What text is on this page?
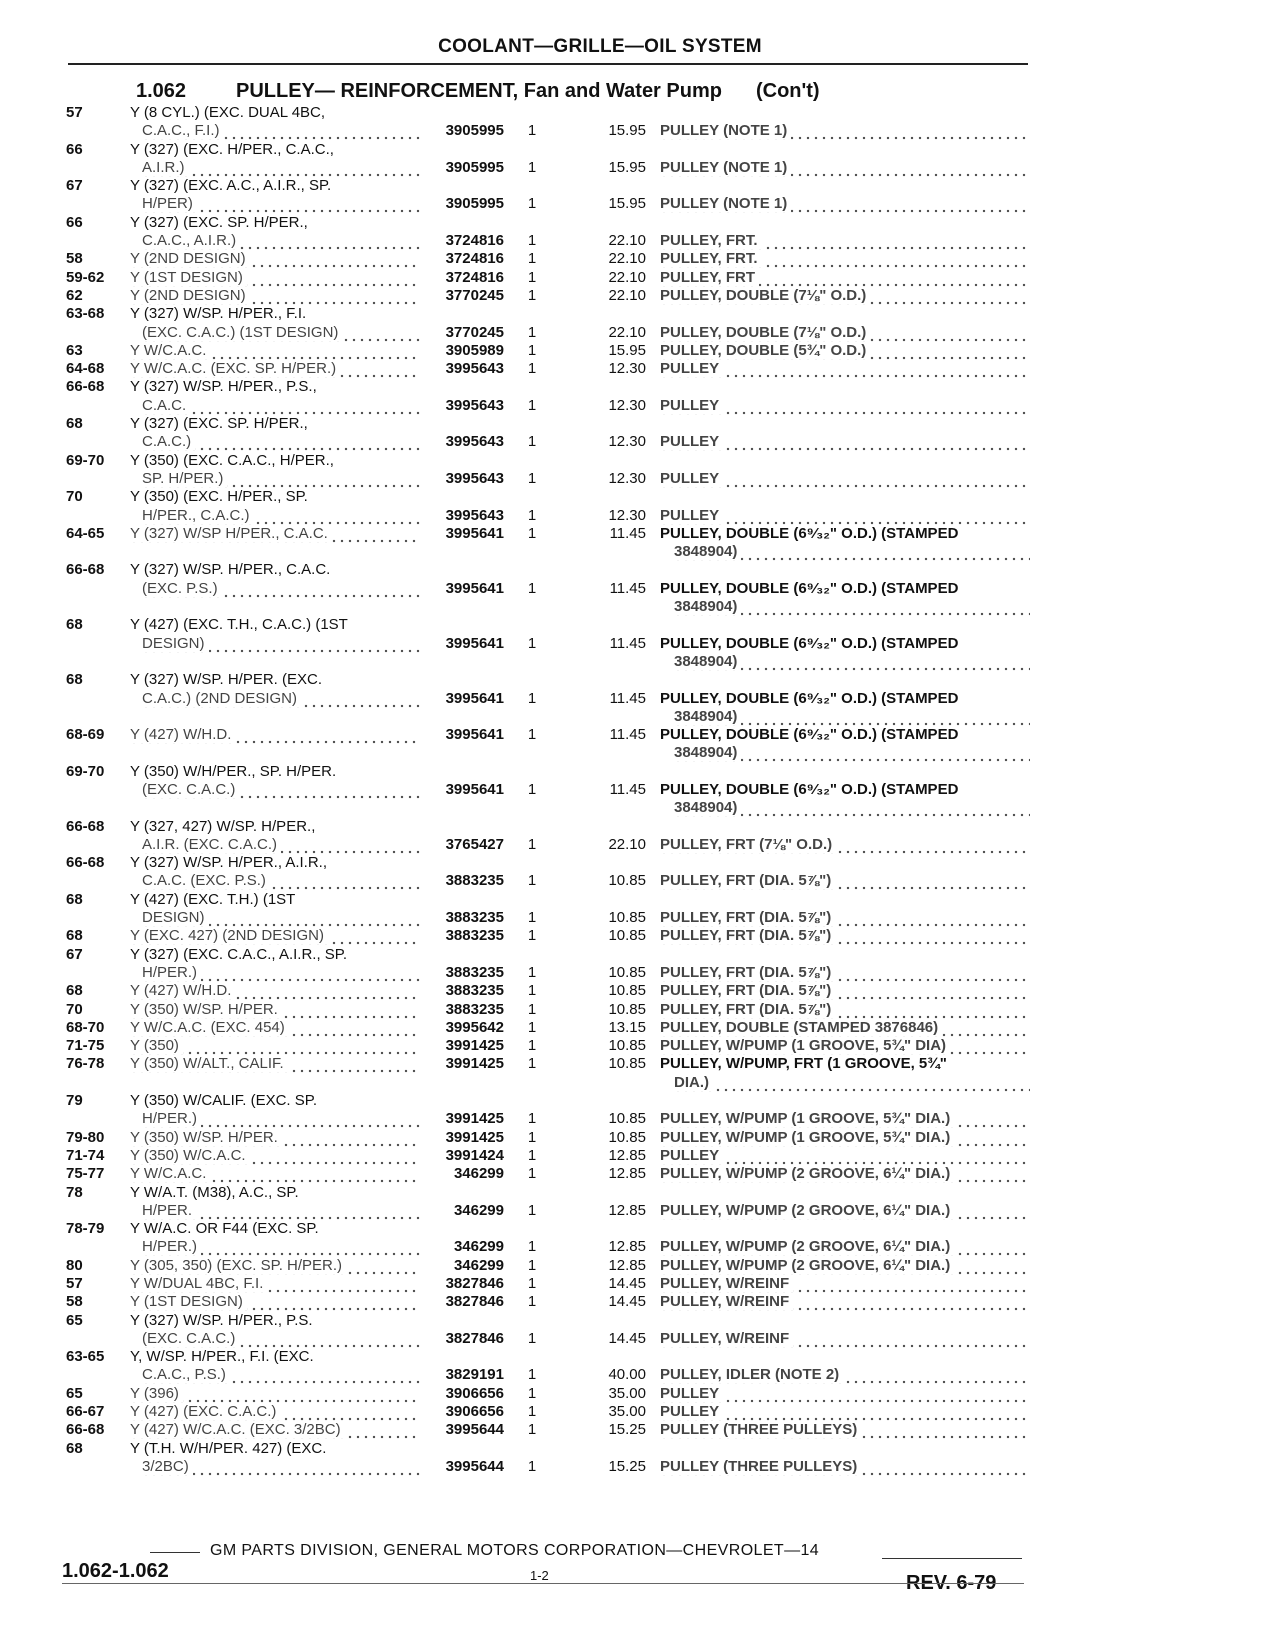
COOLANT—GRILLE—OIL SYSTEM
1.062 PULLEY— REINFORCEMENT, Fan and Water Pump (Con't)
57	Y (8 CYL.) (EXC. DUAL 4BC,
C.A.C., F.I.)	3905995 1	15.95 PULLEY (NOTE 1)
66	Y (327) (EXC. H/PER., C.A.C.,
A.I.R.)	3905995 1	15.95 PULLEY (NOTE 1)
67	Y (327) (EXC. A.C., A.I.R., SP.
H/PER)	3905995 1	15.95 PULLEY (NOTE 1)
66	Y (327) (EXC. SP. H/PER.,
C.A.C., A.I.R.)	3724816 1	22.10 PULLEY, FRT.
58	Y (2ND DESIGN)	3724816 1	22.10 PULLEY, FRT.
59-62	Y (1ST DESIGN)	3724816 1	22.10 PULLEY, FRT
62	Y (2ND DESIGN)	3770245 1	22.10 PULLEY, DOUBLE (7⅛" O.D.)
63-68	Y (327) W/SP. H/PER., F.I.
(EXC. C.A.C.) (1ST DESIGN)	3770245 1	22.10 PULLEY, DOUBLE (7⅛" O.D.)
63	Y W/C.A.C.	3905989 1	15.95 PULLEY, DOUBLE (5¾" O.D.)
64-68	Y W/C.A.C. (EXC. SP. H/PER.)	3995643 1	12.30 PULLEY
66-68	Y (327) W/SP. H/PER., P.S.,
C.A.C.	3995643 1	12.30 PULLEY
68	Y (327) (EXC. SP. H/PER.,
C.A.C.)	3995643 1	12.30 PULLEY
69-70	Y (350) (EXC. C.A.C., H/PER.,
SP. H/PER.)	3995643 1	12.30 PULLEY
70	Y (350) (EXC. H/PER., SP.
H/PER., C.A.C.)	3995643 1	12.30 PULLEY
64-65	Y (327) W/SP H/PER., C.A.C.	3995641 1	11.45 PULLEY, DOUBLE (6⁹⁄₃₂" O.D.) (STAMPED
3848904)
66-68	Y (327) W/SP. H/PER., C.A.C.
(EXC. P.S.)	3995641 1	11.45 PULLEY, DOUBLE (6⁹⁄₃₂" O.D.) (STAMPED
3848904)
68	Y (427) (EXC. T.H., C.A.C.) (1ST
DESIGN)	3995641 1	11.45 PULLEY, DOUBLE (6⁹⁄₃₂" O.D.) (STAMPED
3848904)
68	Y (327) W/SP. H/PER. (EXC.
C.A.C.) (2ND DESIGN)	3995641 1	11.45 PULLEY, DOUBLE (6⁹⁄₃₂" O.D.) (STAMPED
3848904)
68-69	Y (427) W/H.D.	3995641 1	11.45 PULLEY, DOUBLE (6⁹⁄₃₂" O.D.) (STAMPED
3848904)
69-70	Y (350) W/H/PER., SP. H/PER.
(EXC. C.A.C.)	3995641 1	11.45 PULLEY, DOUBLE (6⁹⁄₃₂" O.D.) (STAMPED
3848904)
66-68	Y (327, 427) W/SP. H/PER.,
A.I.R. (EXC. C.A.C.)	3765427 1	22.10 PULLEY, FRT (7⅛" O.D.)
66-68	Y (327) W/SP. H/PER., A.I.R.,
C.A.C. (EXC. P.S.)	3883235 1	10.85 PULLEY, FRT (DIA. 5⅞")
68	Y (427) (EXC. T.H.) (1ST
DESIGN)	3883235 1	10.85 PULLEY, FRT (DIA. 5⅞")
68	Y (EXC. 427) (2ND DESIGN)	3883235 1	10.85 PULLEY, FRT (DIA. 5⅞")
67	Y (327) (EXC. C.A.C., A.I.R., SP.
H/PER.)	3883235 1	10.85 PULLEY, FRT (DIA. 5⅞")
68	Y (427) W/H.D.	3883235 1	10.85 PULLEY, FRT (DIA. 5⅞")
70	Y (350) W/SP. H/PER.	3883235 1	10.85 PULLEY, FRT (DIA. 5⅞")
68-70	Y W/C.A.C. (EXC. 454)	3995642 1	13.15 PULLEY, DOUBLE (STAMPED 3876846)
71-75	Y (350)	3991425 1	10.85 PULLEY, W/PUMP (1 GROOVE, 5¾" DIA)
76-78	Y (350) W/ALT., CALIF.	3991425 1	10.85 PULLEY, W/PUMP, FRT (1 GROOVE, 5¾"
DIA.)
79	Y (350) W/CALIF. (EXC. SP.
H/PER.)	3991425 1	10.85 PULLEY, W/PUMP (1 GROOVE, 5¾" DIA.)
79-80	Y (350) W/SP. H/PER.	3991425 1	10.85 PULLEY, W/PUMP (1 GROOVE, 5¾" DIA.)
71-74	Y (350) W/C.A.C.	3991424 1	12.85 PULLEY
75-77	Y W/C.A.C.	346299 1	12.85 PULLEY, W/PUMP (2 GROOVE, 6¼" DIA.)
78	Y W/A.T. (M38), A.C., SP.
H/PER.	346299 1	12.85 PULLEY, W/PUMP (2 GROOVE, 6¼" DIA.)
78-79	Y W/A.C. OR F44 (EXC. SP.
H/PER.)	346299 1	12.85 PULLEY, W/PUMP (2 GROOVE, 6¼" DIA.)
80	Y (305, 350) (EXC. SP. H/PER.)	346299 1	12.85 PULLEY, W/PUMP (2 GROOVE, 6¼" DIA.)
57	Y W/DUAL 4BC, F.I.	3827846 1	14.45 PULLEY, W/REINF
58	Y (1ST DESIGN)	3827846 1	14.45 PULLEY, W/REINF
65	Y (327) W/SP. H/PER., P.S.
(EXC. C.A.C.)	3827846 1	14.45 PULLEY, W/REINF
63-65	Y, W/SP. H/PER., F.I. (EXC.
C.A.C., P.S.)	3829191 1	40.00 PULLEY, IDLER (NOTE 2)
65	Y (396)	3906656 1	35.00 PULLEY
66-67	Y (427) (EXC. C.A.C.)	3906656 1	35.00 PULLEY
66-68	Y (427) W/C.A.C. (EXC. 3/2BC)	3995644 1	15.25 PULLEY (THREE PULLEYS)
68	Y (T.H. W/H/PER. 427) (EXC.
3/2BC)	3995644 1	15.25 PULLEY (THREE PULLEYS)
GM PARTS DIVISION, GENERAL MOTORS CORPORATION—CHEVROLET—14
1.062-1.062	1-2	REV. 6-79
